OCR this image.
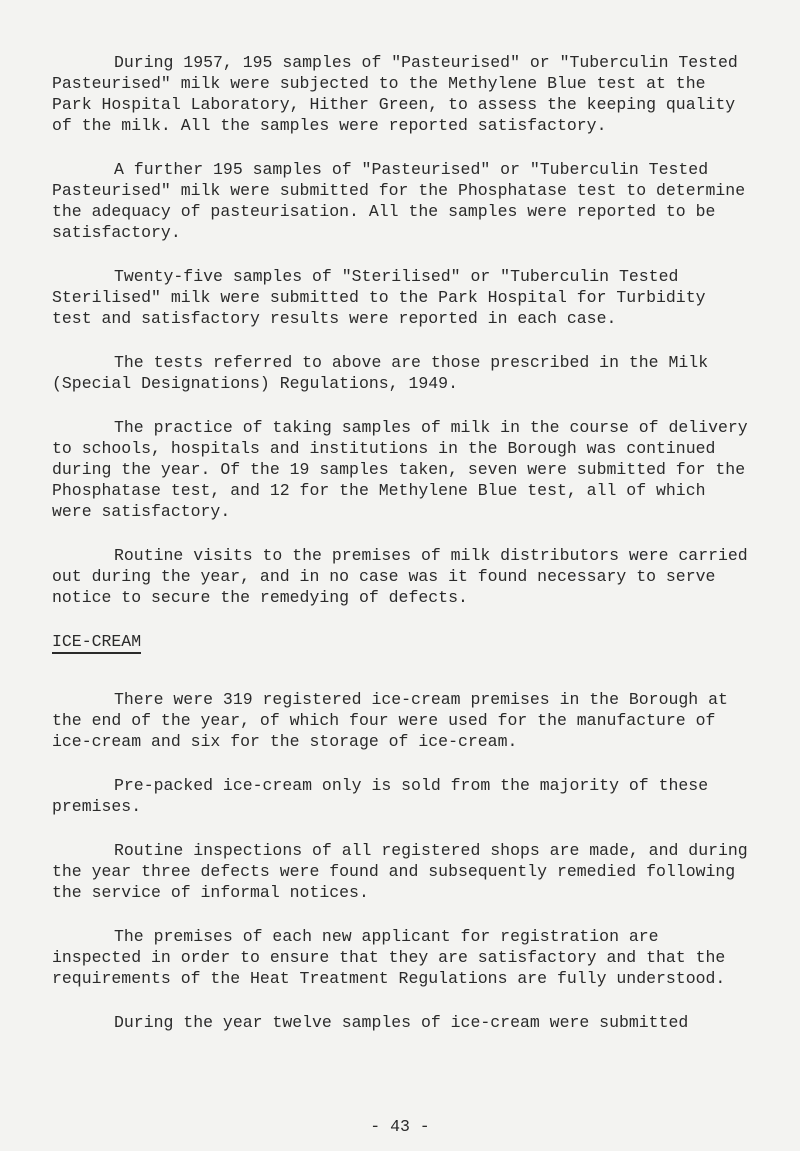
During 1957, 195 samples of "Pasteurised" or "Tuberculin Tested Pasteurised" milk were subjected to the Methylene Blue test at the Park Hospital Laboratory, Hither Green, to assess the keeping quality of the milk. All the samples were reported satisfactory.

A further 195 samples of "Pasteurised" or "Tuberculin Tested Pasteurised" milk were submitted for the Phosphatase test to determine the adequacy of pasteurisation. All the samples were reported to be satisfactory.

Twenty-five samples of "Sterilised" or "Tuberculin Tested Sterilised" milk were submitted to the Park Hospital for Turbidity test and satisfactory results were reported in each case.

The tests referred to above are those prescribed in the Milk (Special Designations) Regulations, 1949.

The practice of taking samples of milk in the course of delivery to schools, hospitals and institutions in the Borough was continued during the year. Of the 19 samples taken, seven were submitted for the Phosphatase test, and 12 for the Methylene Blue test, all of which were satisfactory.

Routine visits to the premises of milk distributors were carried out during the year, and in no case was it found necessary to serve notice to secure the remedying of defects.

ICE-CREAM

There were 319 registered ice-cream premises in the Borough at the end of the year, of which four were used for the manufacture of ice-cream and six for the storage of ice-cream.

Pre-packed ice-cream only is sold from the majority of these premises.

Routine inspections of all registered shops are made, and during the year three defects were found and subsequently remedied following the service of informal notices.

The premises of each new applicant for registration are inspected in order to ensure that they are satisfactory and that the requirements of the Heat Treatment Regulations are fully understood.

During the year twelve samples of ice-cream were submitted

- 43 -
